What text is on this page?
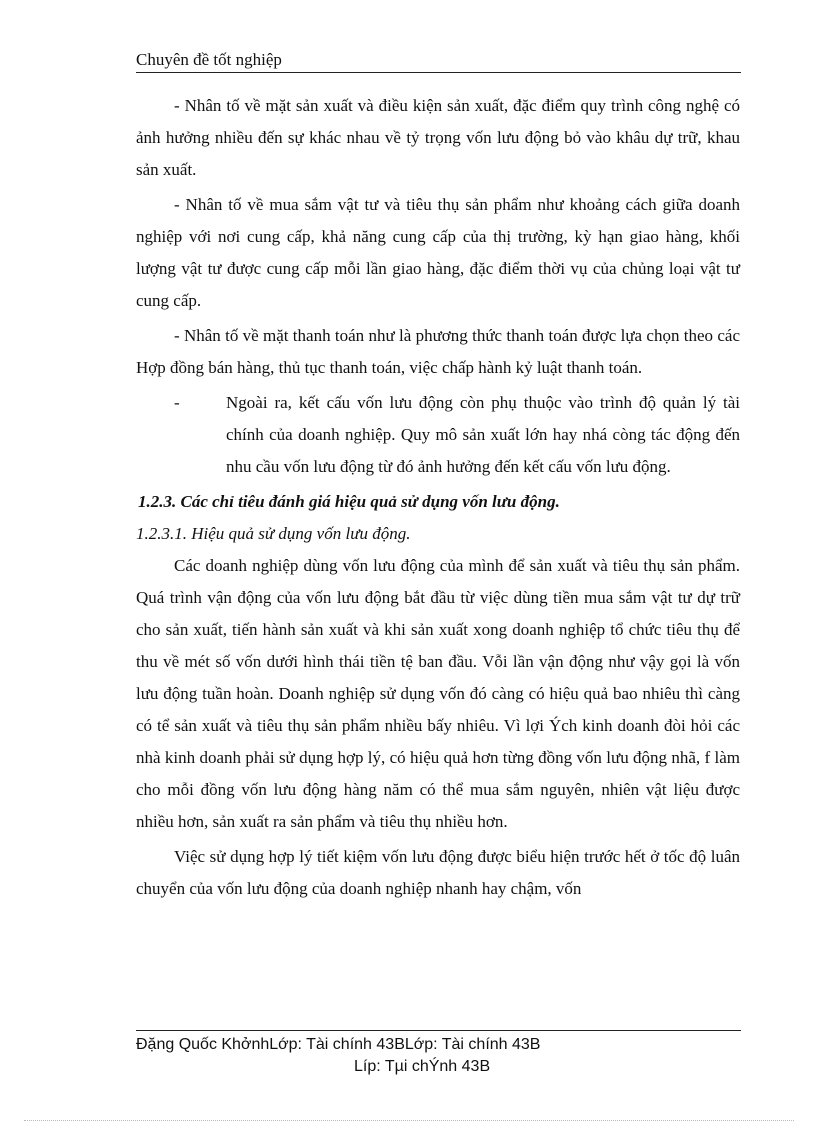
Chuyên đề tốt nghiệp

- Nhân tố về mặt sản xuất và điều kiện sản xuất, đặc điểm quy trình công nghệ có ảnh hưởng nhiều đến sự khác nhau về tỷ trọng vốn lưu động bỏ vào khâu dự trữ, khau sản xuất.

- Nhân tố về mua sắm vật tư và tiêu thụ sản phẩm như khoảng cách giữa doanh nghiệp với nơi cung cấp, khả năng cung cấp của thị trường, kỳ hạn giao hàng, khối lượng vật tư được cung cấp mỗi lần giao hàng, đặc điểm thời vụ của chủng loại vật tư cung cấp.

- Nhân tố về mặt thanh toán như là phương thức thanh toán được lựa chọn theo các Hợp đồng bán hàng, thủ tục thanh toán, việc chấp hành kỷ luật thanh toán.

-	Ngoài ra, kết cấu vốn lưu động còn phụ thuộc vào trình độ quản lý tài chính của doanh nghiệp. Quy mô sản xuất lớn hay nhá còng tác động đến nhu cầu vốn lưu động từ đó ảnh hưởng đến kết cấu vốn lưu động.

1.2.3. Các chỉ tiêu đánh giá hiệu quả sử dụng vốn lưu động.

1.2.3.1. Hiệu quả sử dụng vốn lưu động.

Các doanh nghiệp dùng vốn lưu động của mình để sản xuất và tiêu thụ sản phẩm. Quá trình vận động của vốn lưu động bắt đầu từ việc dùng tiền mua sắm vật tư dự trữ cho sản xuất, tiến hành sản xuất và khi sản xuất xong doanh nghiệp tổ chức tiêu thụ để thu về mét số vốn dưới hình thái tiền tệ ban đầu. Vỗi lần vận động như vậy gọi là vốn lưu động tuần hoàn. Doanh nghiệp sử dụng vốn đó càng có hiệu quả bao nhiêu thì càng có tể sản xuất và tiêu thụ sản phẩm nhiều bấy nhiêu. Vì lợi Ých kinh doanh đòi hỏi các nhà kinh doanh phải sử dụng hợp lý, có hiệu quả hơn từng đồng vốn lưu động nhã, f làm cho mỗi đồng vốn lưu động hàng năm có thể mua sắm nguyên, nhiên vật liệu được nhiều hơn, sản xuất ra sản phẩm và tiêu thụ nhiều hơn.

Việc sử dụng hợp lý tiết kiệm vốn lưu động được biểu hiện trước hết ở tốc độ luân chuyển của vốn lưu động của doanh nghiệp nhanh hay chậm, vốn

Đặng Quốc KhởnhLớp: Tài chính 43BLớp: Tài chính 43B
Líp: Tµi chÝnh 43B
